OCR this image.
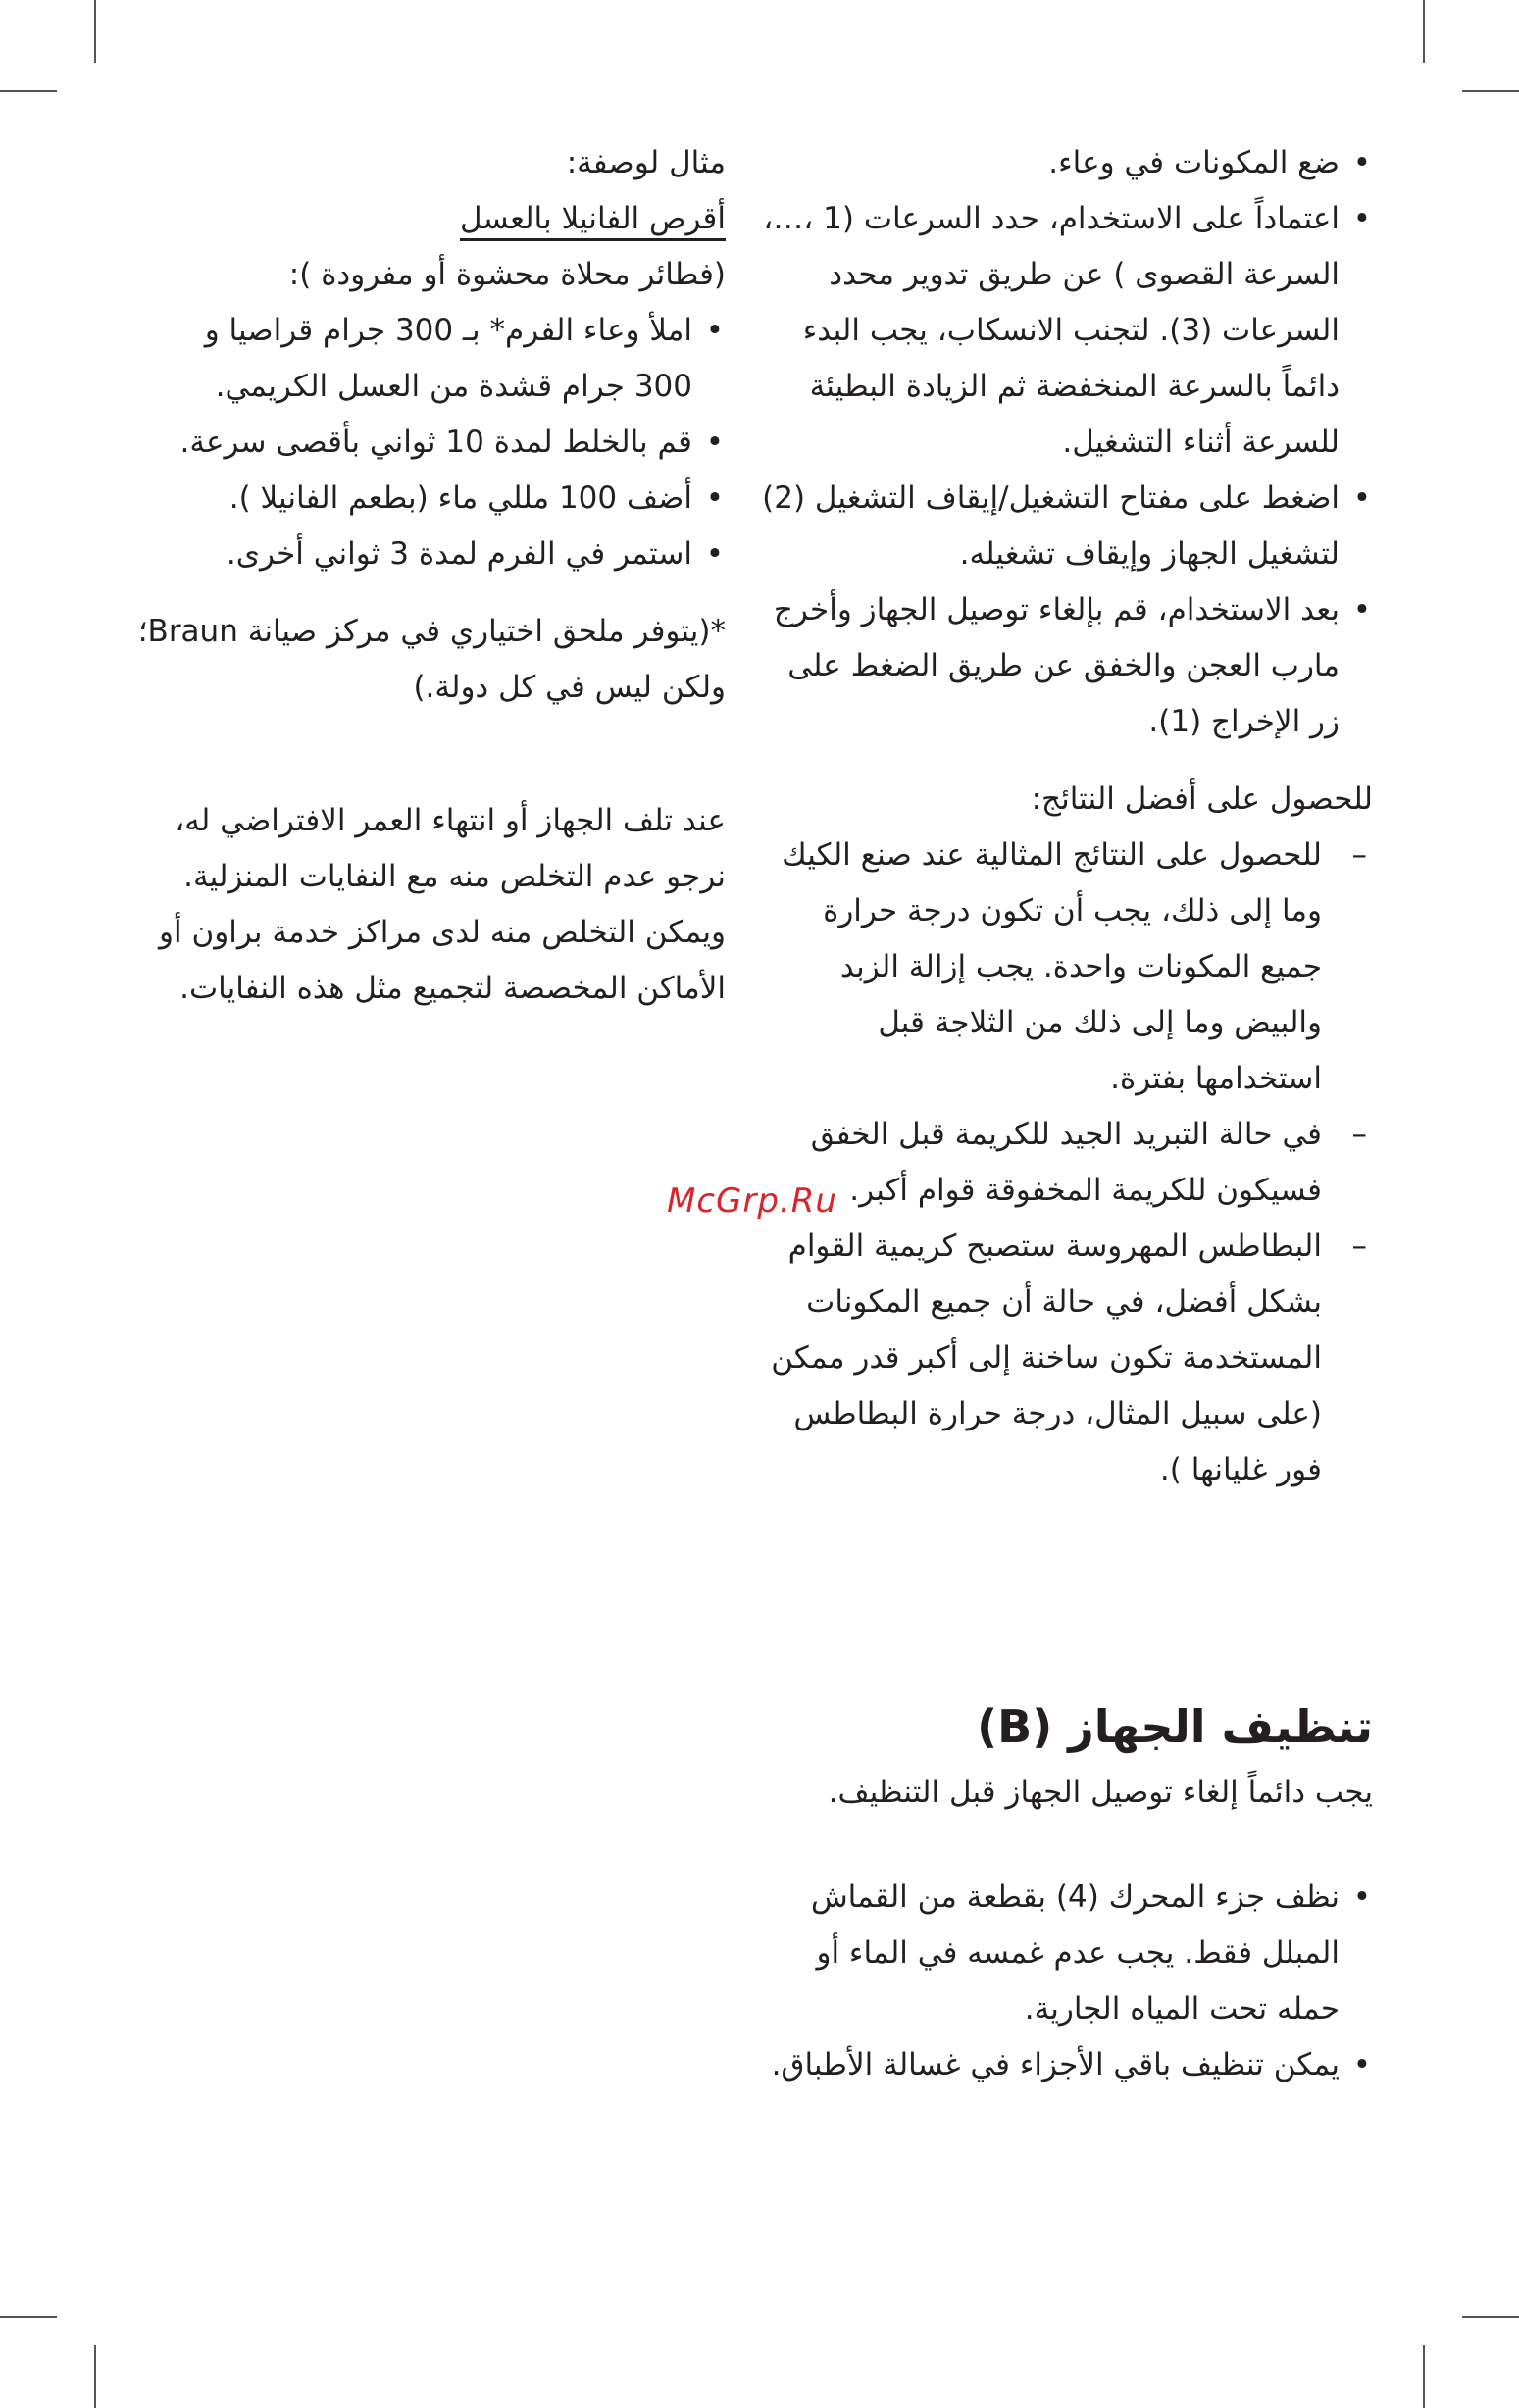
• ضع المكونات في وعاء.
• اعتماداً على الاستخدام، حدد السرعات (1 ،…، السرعة القصوى ) عن طريق تدوير محدد السرعات (3). لتجنب الانسكاب، يجب البدء دائماً بالسرعة المنخفضة ثم الزيادة البطيئة للسرعة أثناء التشغيل.
• اضغط على مفتاح التشغيل/إيقاف التشغيل (2) لتشغيل الجهاز وإيقاف تشغيله.
• بعد الاستخدام، قم بإلغاء توصيل الجهاز وأخرج مارب العجن والخفق عن طريق الضغط على زر الإخراج (1).

للحصول على أفضل النتائج:

– للحصول على النتائج المثالية عند صنع الكيك وما إلى ذلك، يجب أن تكون درجة حرارة جميع المكونات واحدة. يجب إزالة الزبد والبيض وما إلى ذلك من الثلاجة قبل استخدامها بفترة.
– في حالة التبريد الجيد للكريمة قبل الخفق فسيكون للكريمة المخفوقة قوام أكبر.
– البطاطس المهروسة ستصبح كريمية القوام بشكل أفضل، في حالة أن جميع المكونات المستخدمة تكون ساخنة إلى أكبر قدر ممكن (على سبيل المثال، درجة حرارة البطاطس فور غليانها ).

مثال لوصفة:

أقرص الفانيلا بالعسل

(فطائر محلاة محشوة أو مفرودة ):

• املأ وعاء الفرم* بـ 300 جرام قراصيا و 300 جرام قشدة من العسل الكريمي.
• قم بالخلط لمدة 10 ثواني بأقصى سرعة.
• أضف 100 مللي ماء (بطعم الفانيلا ).
• استمر في الفرم لمدة 3 ثواني أخرى.

*(يتوفر ملحق اختياري في مركز صيانة Braun؛ ولكن ليس في كل دولة.)

عند تلف الجهاز أو انتهاء العمر الافتراضي له، نرجو عدم التخلص منه مع النفايات المنزلية. ويمكن التخلص منه لدى مراكز خدمة براون أو الأماكن المخصصة لتجميع مثل هذه النفايات.

تنظيف الجهاز (B)

يجب دائماً إلغاء توصيل الجهاز قبل التنظيف.

• نظف جزء المحرك (4) بقطعة من القماش المبلل فقط. يجب عدم غمسه في الماء أو حمله تحت المياه الجارية.
• يمكن تنظيف باقي الأجزاء في غسالة الأطباق.
McGrp.Ru
